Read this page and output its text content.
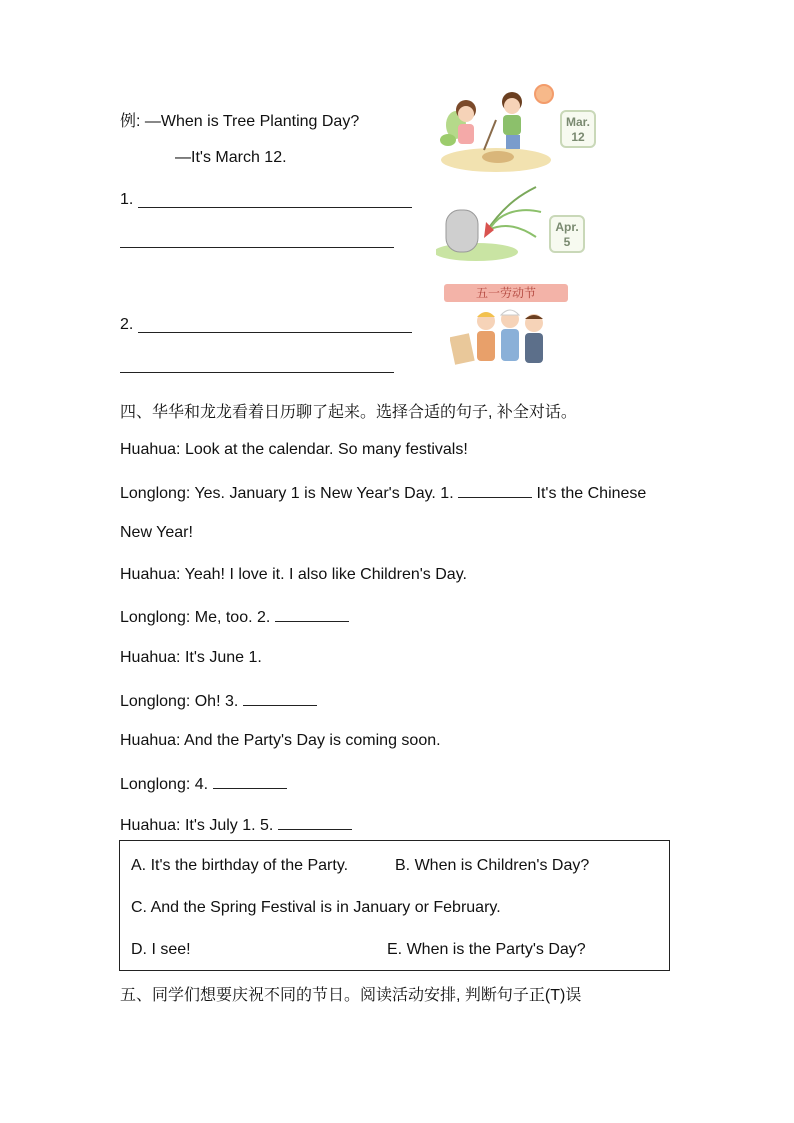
例: —When is Tree Planting Day?
—It's March 12.
1.
2.
Mar.
12
Apr.
5
五一劳动节
四、华华和龙龙看着日历聊了起来。选择合适的句子, 补全对话。
Huahua: Look at the calendar. So many festivals!
Longlong: Yes. January 1 is New Year's Day. 1.	It's the Chinese
New Year!
Huahua: Yeah! I love it. I also like Children's Day.
Longlong: Me, too. 2.
Huahua: It's June 1.
Longlong: Oh! 3.
Huahua: And the Party's Day is coming soon.
Longlong: 4.
Huahua: It's July 1. 5.
A. It's the birthday of the Party.	B. When is Children's Day?
C. And the Spring Festival is in January or February.
D. I see!	E. When is the Party's Day?
五、同学们想要庆祝不同的节日。阅读活动安排, 判断句子正(T)误
